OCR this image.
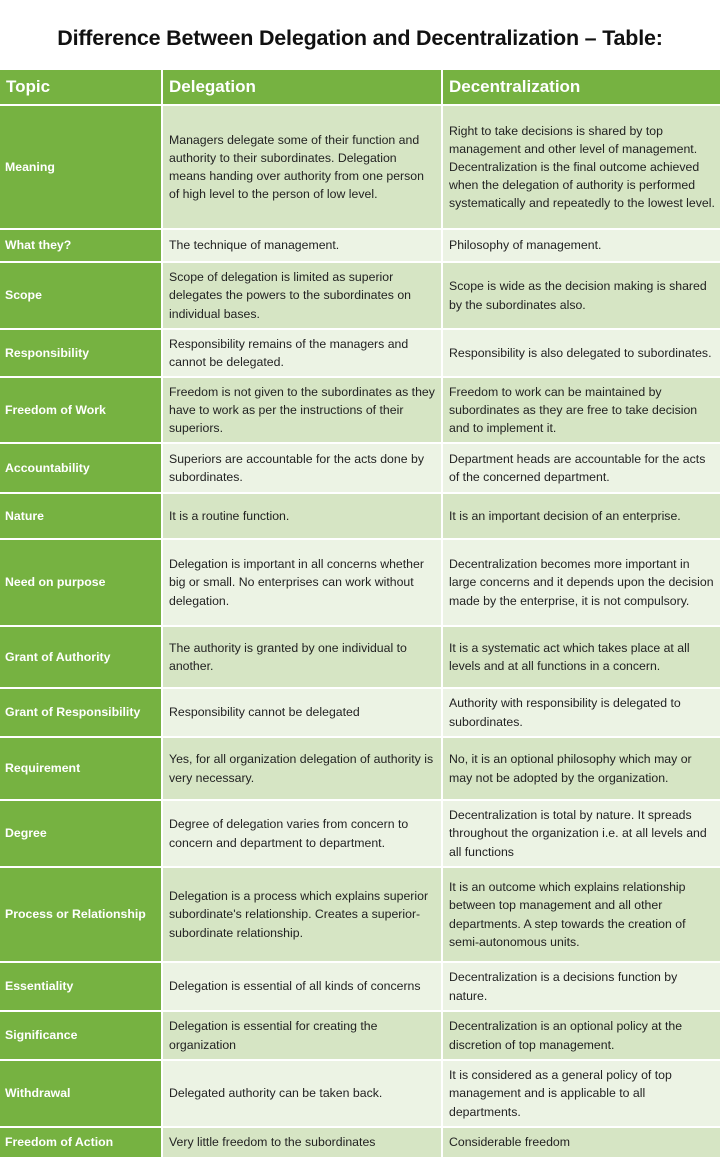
Difference Between Delegation and Decentralization – Table:
Topic	Delegation	Decentralization
Meaning	Managers delegate some of their function and authority to their subordinates. Delegation means handing over authority from one person of high level to the person of low level.	Right to take decisions is shared by top management and other level of management. Decentralization is the final outcome achieved when the delegation of authority is performed systematically and repeatedly to the lowest level.
What they?	The technique of management.	Philosophy of management.
Scope	Scope of delegation is limited as superior delegates the powers to the subordinates on individual bases.	Scope is wide as the decision making is shared by the subordinates also.
Responsibility	Responsibility remains of the managers and cannot be delegated.	Responsibility is also delegated to subordinates.
Freedom of Work	Freedom is not given to the subordinates as they have to work as per the instructions of their superiors.	Freedom to work can be maintained by subordinates as they are free to take decision and to implement it.
Accountability	Superiors are accountable for the acts done by subordinates.	Department heads are accountable for the acts of the concerned department.
Nature	It is a routine function.	It is an important decision of an enterprise.
Need on purpose	Delegation is important in all concerns whether big or small. No enterprises can work without delegation.	Decentralization becomes more important in large concerns and it depends upon the decision made by the enterprise, it is not compulsory.
Grant of Authority	The authority is granted by one individual to another.	It is a systematic act which takes place at all levels and at all functions in a concern.
Grant of Responsibility	Responsibility cannot be delegated	Authority with responsibility is delegated to subordinates.
Requirement	Yes, for all organization delegation of authority is very necessary.	No, it is an optional philosophy which may or may not be adopted by the organization.
Degree	Degree of delegation varies from concern to concern and department to department.	Decentralization is total by nature. It spreads throughout the organization i.e. at all levels and all functions
Process or Relationship	Delegation is a process which explains superior subordinate's relationship. Creates a superior-subordinate relationship.	It is an outcome which explains relationship between top management and all other departments. A step towards the creation of semi-autonomous units.
Essentiality	Delegation is essential of all kinds of concerns	Decentralization is a decisions function by nature.
Significance	Delegation is essential for creating the organization	Decentralization is an optional policy at the discretion of top management.
Withdrawal	Delegated authority can be taken back.	It is considered as a general policy of top management and is applicable to all departments.
Freedom of Action	Very little freedom to the subordinates	Considerable freedom
